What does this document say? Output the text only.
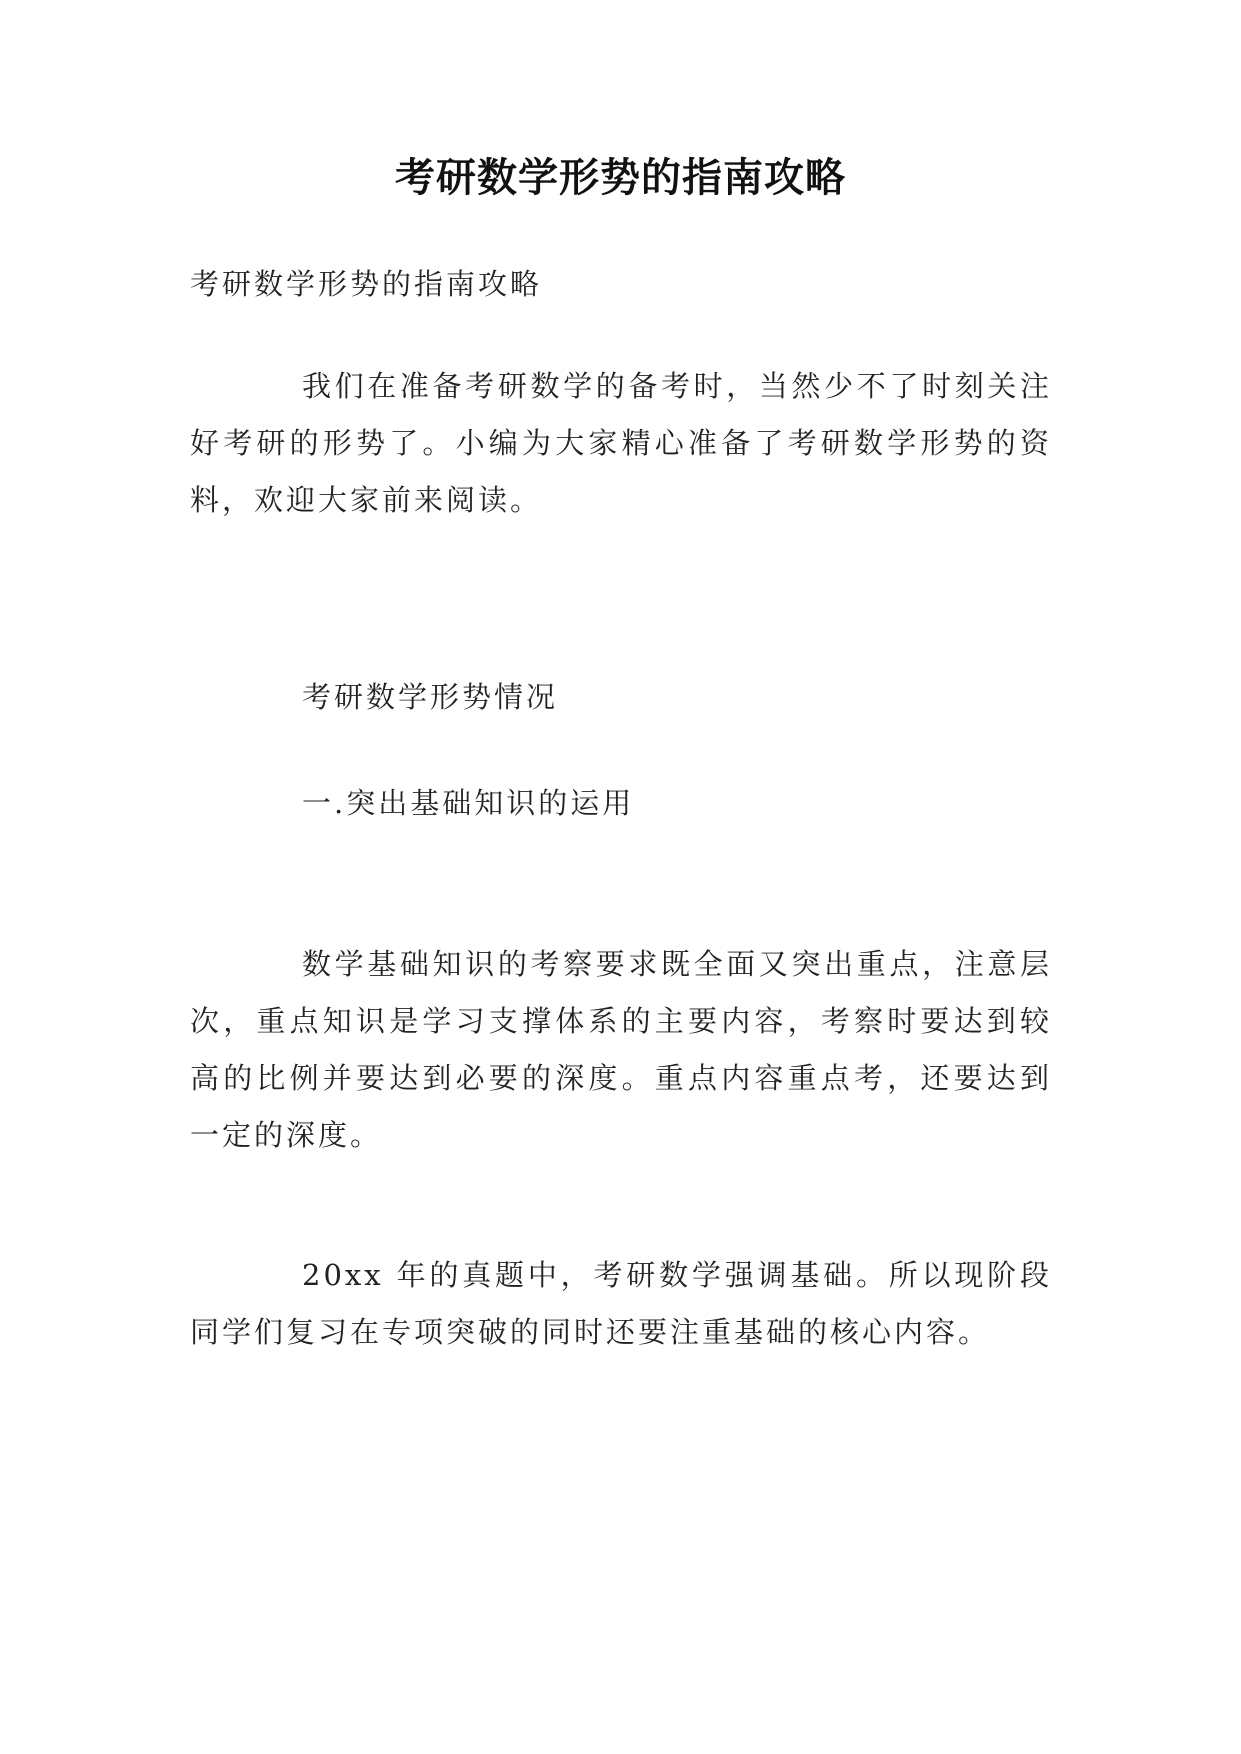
考研数学形势的指南攻略
考研数学形势的指南攻略
我们在准备考研数学的备考时，当然少不了时刻关注好考研的形势了。小编为大家精心准备了考研数学形势的资料，欢迎大家前来阅读。
考研数学形势情况
一.突出基础知识的运用
数学基础知识的考察要求既全面又突出重点，注意层次，重点知识是学习支撑体系的主要内容，考察时要达到较高的比例并要达到必要的深度。重点内容重点考，还要达到一定的深度。
20xx 年的真题中，考研数学强调基础。所以现阶段同学们复习在专项突破的同时还要注重基础的核心内容。
